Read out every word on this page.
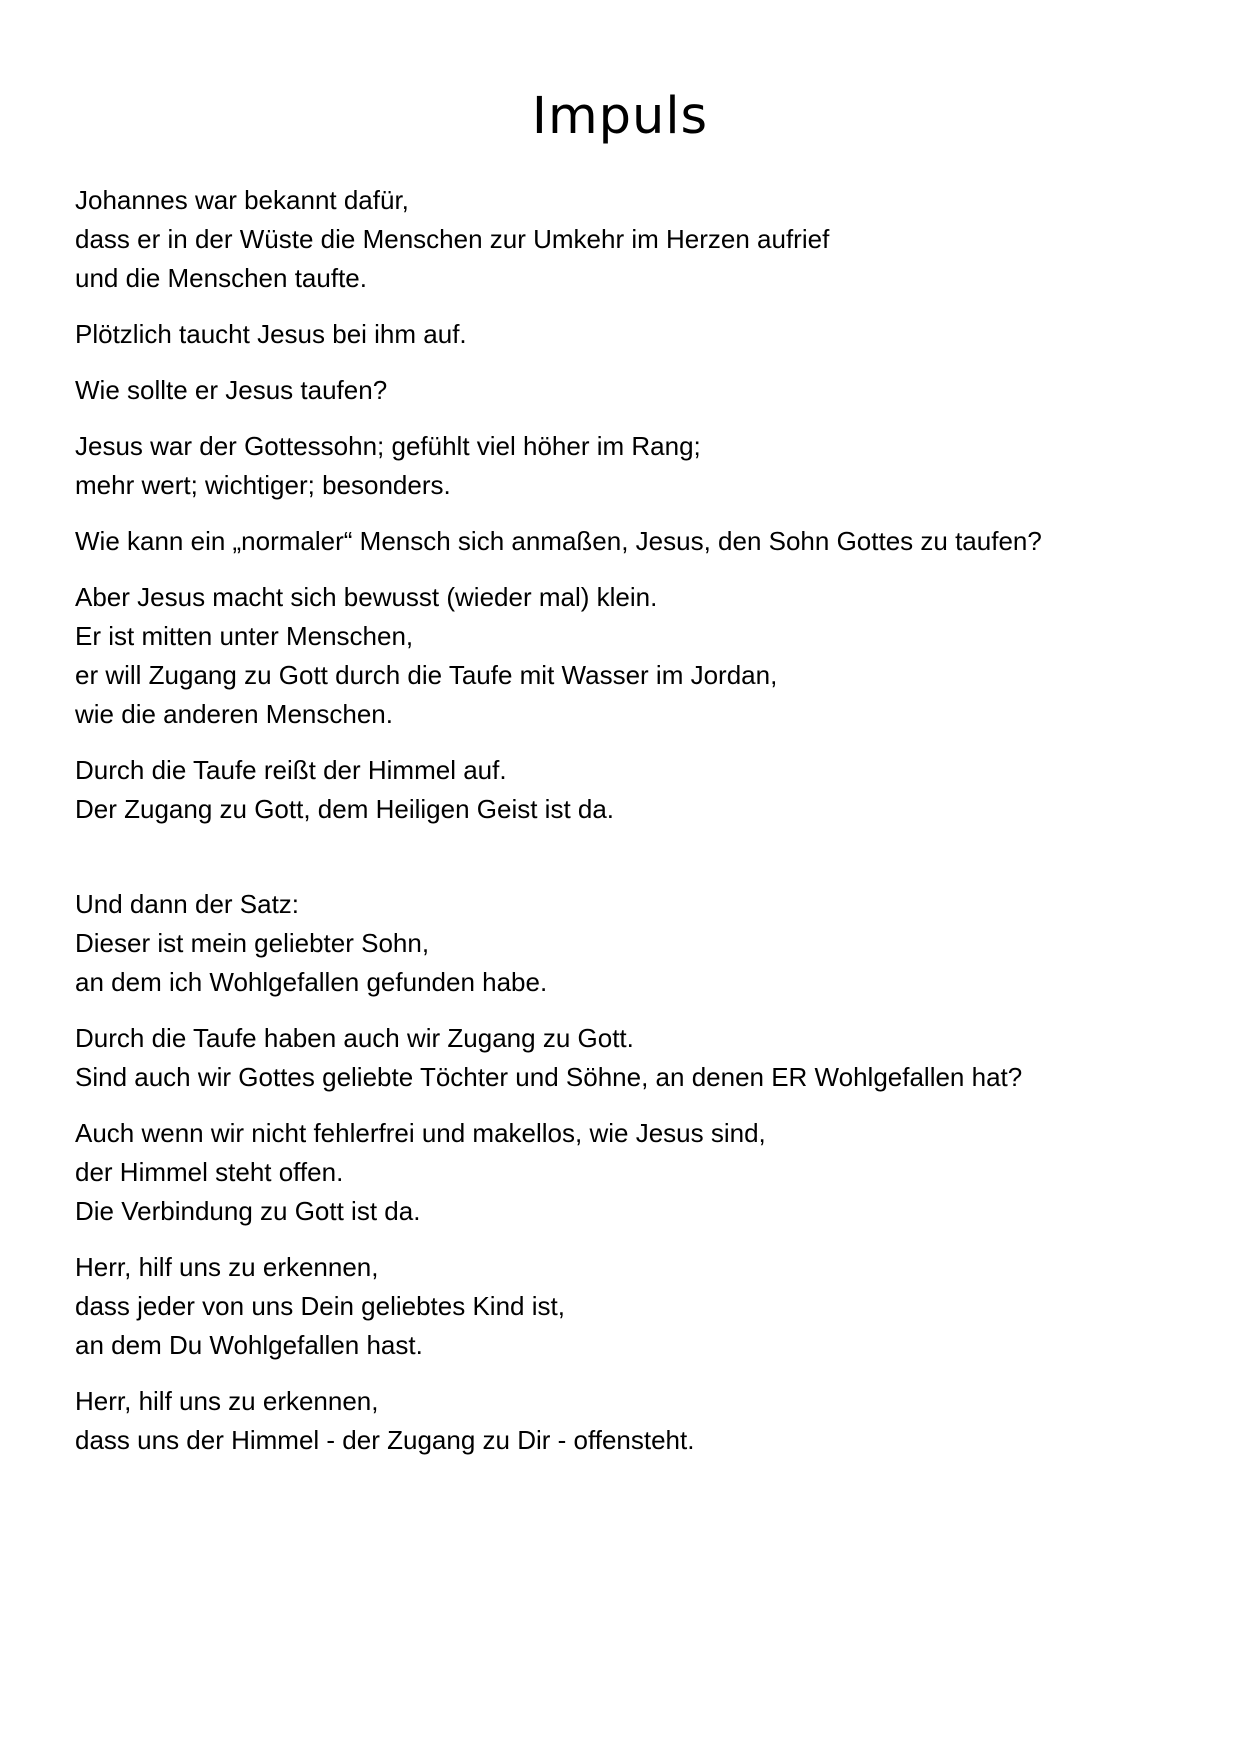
Impuls

Johannes war bekannt dafür,
dass er in der Wüste die Menschen zur Umkehr im Herzen aufrief
und die Menschen taufte.

Plötzlich taucht Jesus bei ihm auf.

Wie sollte er Jesus taufen?

Jesus war der Gottessohn; gefühlt viel höher im Rang;
mehr wert; wichtiger; besonders.

Wie kann ein „normaler“ Mensch sich anmaßen, Jesus, den Sohn Gottes zu taufen?

Aber Jesus macht sich bewusst (wieder mal) klein.
Er ist mitten unter Menschen,
er will Zugang zu Gott durch die Taufe mit Wasser im Jordan,
wie die anderen Menschen.

Durch die Taufe reißt der Himmel auf.
Der Zugang zu Gott, dem Heiligen Geist ist da.

Und dann der Satz:
Dieser ist mein geliebter Sohn,
an dem ich Wohlgefallen gefunden habe.

Durch die Taufe haben auch wir Zugang zu Gott.
Sind auch wir Gottes geliebte Töchter und Söhne, an denen ER Wohlgefallen hat?

Auch wenn wir nicht fehlerfrei und makellos, wie Jesus sind,
der Himmel steht offen.
Die Verbindung zu Gott ist da.

Herr, hilf uns zu erkennen,
dass jeder von uns Dein geliebtes Kind ist,
an dem Du Wohlgefallen hast.

Herr, hilf uns zu erkennen,
dass uns der Himmel - der Zugang zu Dir - offensteht.
